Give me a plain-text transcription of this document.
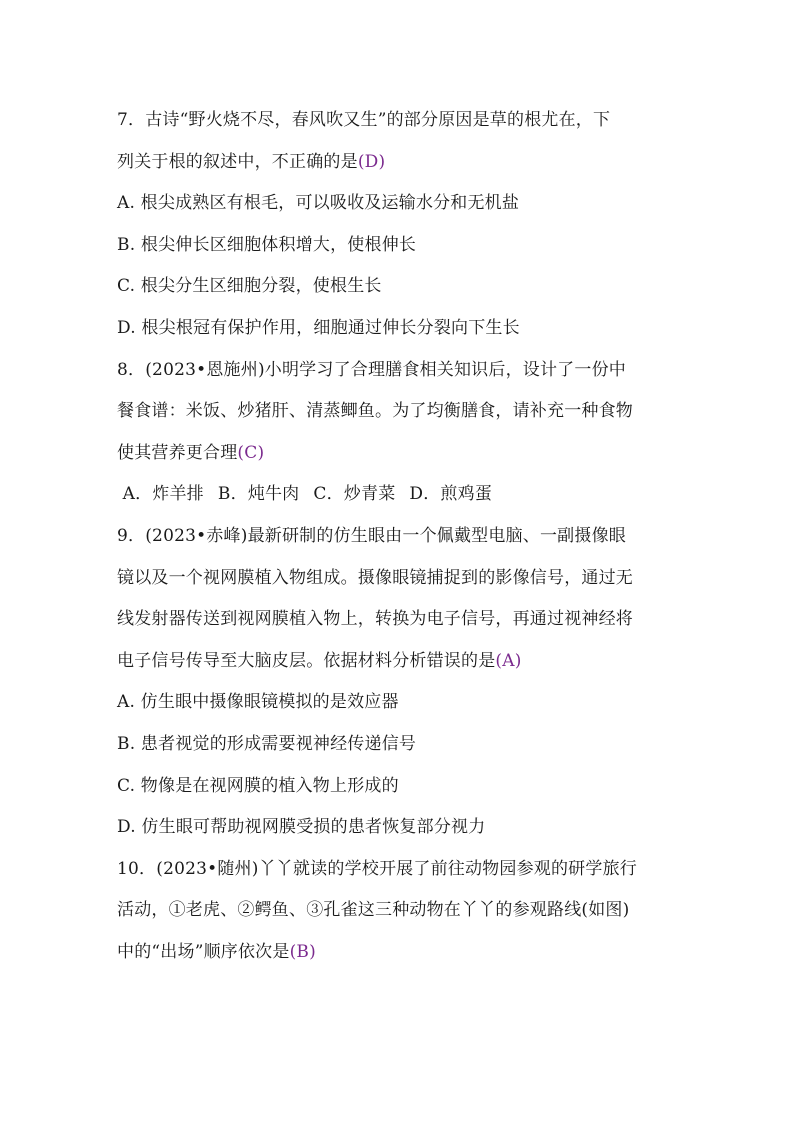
7．古诗“野火烧不尽，春风吹又生”的部分原因是草的根尤在，下
列关于根的叙述中，不正确的是(D)
A. 根尖成熟区有根毛，可以吸收及运输水分和无机盐
B. 根尖伸长区细胞体积增大，使根伸长
C. 根尖分生区细胞分裂，使根生长
D. 根尖根冠有保护作用，细胞通过伸长分裂向下生长
8．(2023•恩施州)小明学习了合理膳食相关知识后，设计了一份中
餐食谱：米饭、炒猪肝、清蒸鲫鱼。为了均衡膳食，请补充一种食物
使其营养更合理(C)
A．炸羊排 B．炖牛肉 C．炒青菜 D．煎鸡蛋
9．(2023•赤峰)最新研制的仿生眼由一个佩戴型电脑、一副摄像眼
镜以及一个视网膜植入物组成。摄像眼镜捕捉到的影像信号，通过无
线发射器传送到视网膜植入物上，转换为电子信号，再通过视神经将
电子信号传导至大脑皮层。依据材料分析错误的是(A)
A. 仿生眼中摄像眼镜模拟的是效应器
B. 患者视觉的形成需要视神经传递信号
C. 物像是在视网膜的植入物上形成的
D. 仿生眼可帮助视网膜受损的患者恢复部分视力
10．(2023•随州)丫丫就读的学校开展了前往动物园参观的研学旅行
活动，①老虎、②鳄鱼、③孔雀这三种动物在丫丫的参观路线(如图)
中的“出场”顺序依次是(B)
